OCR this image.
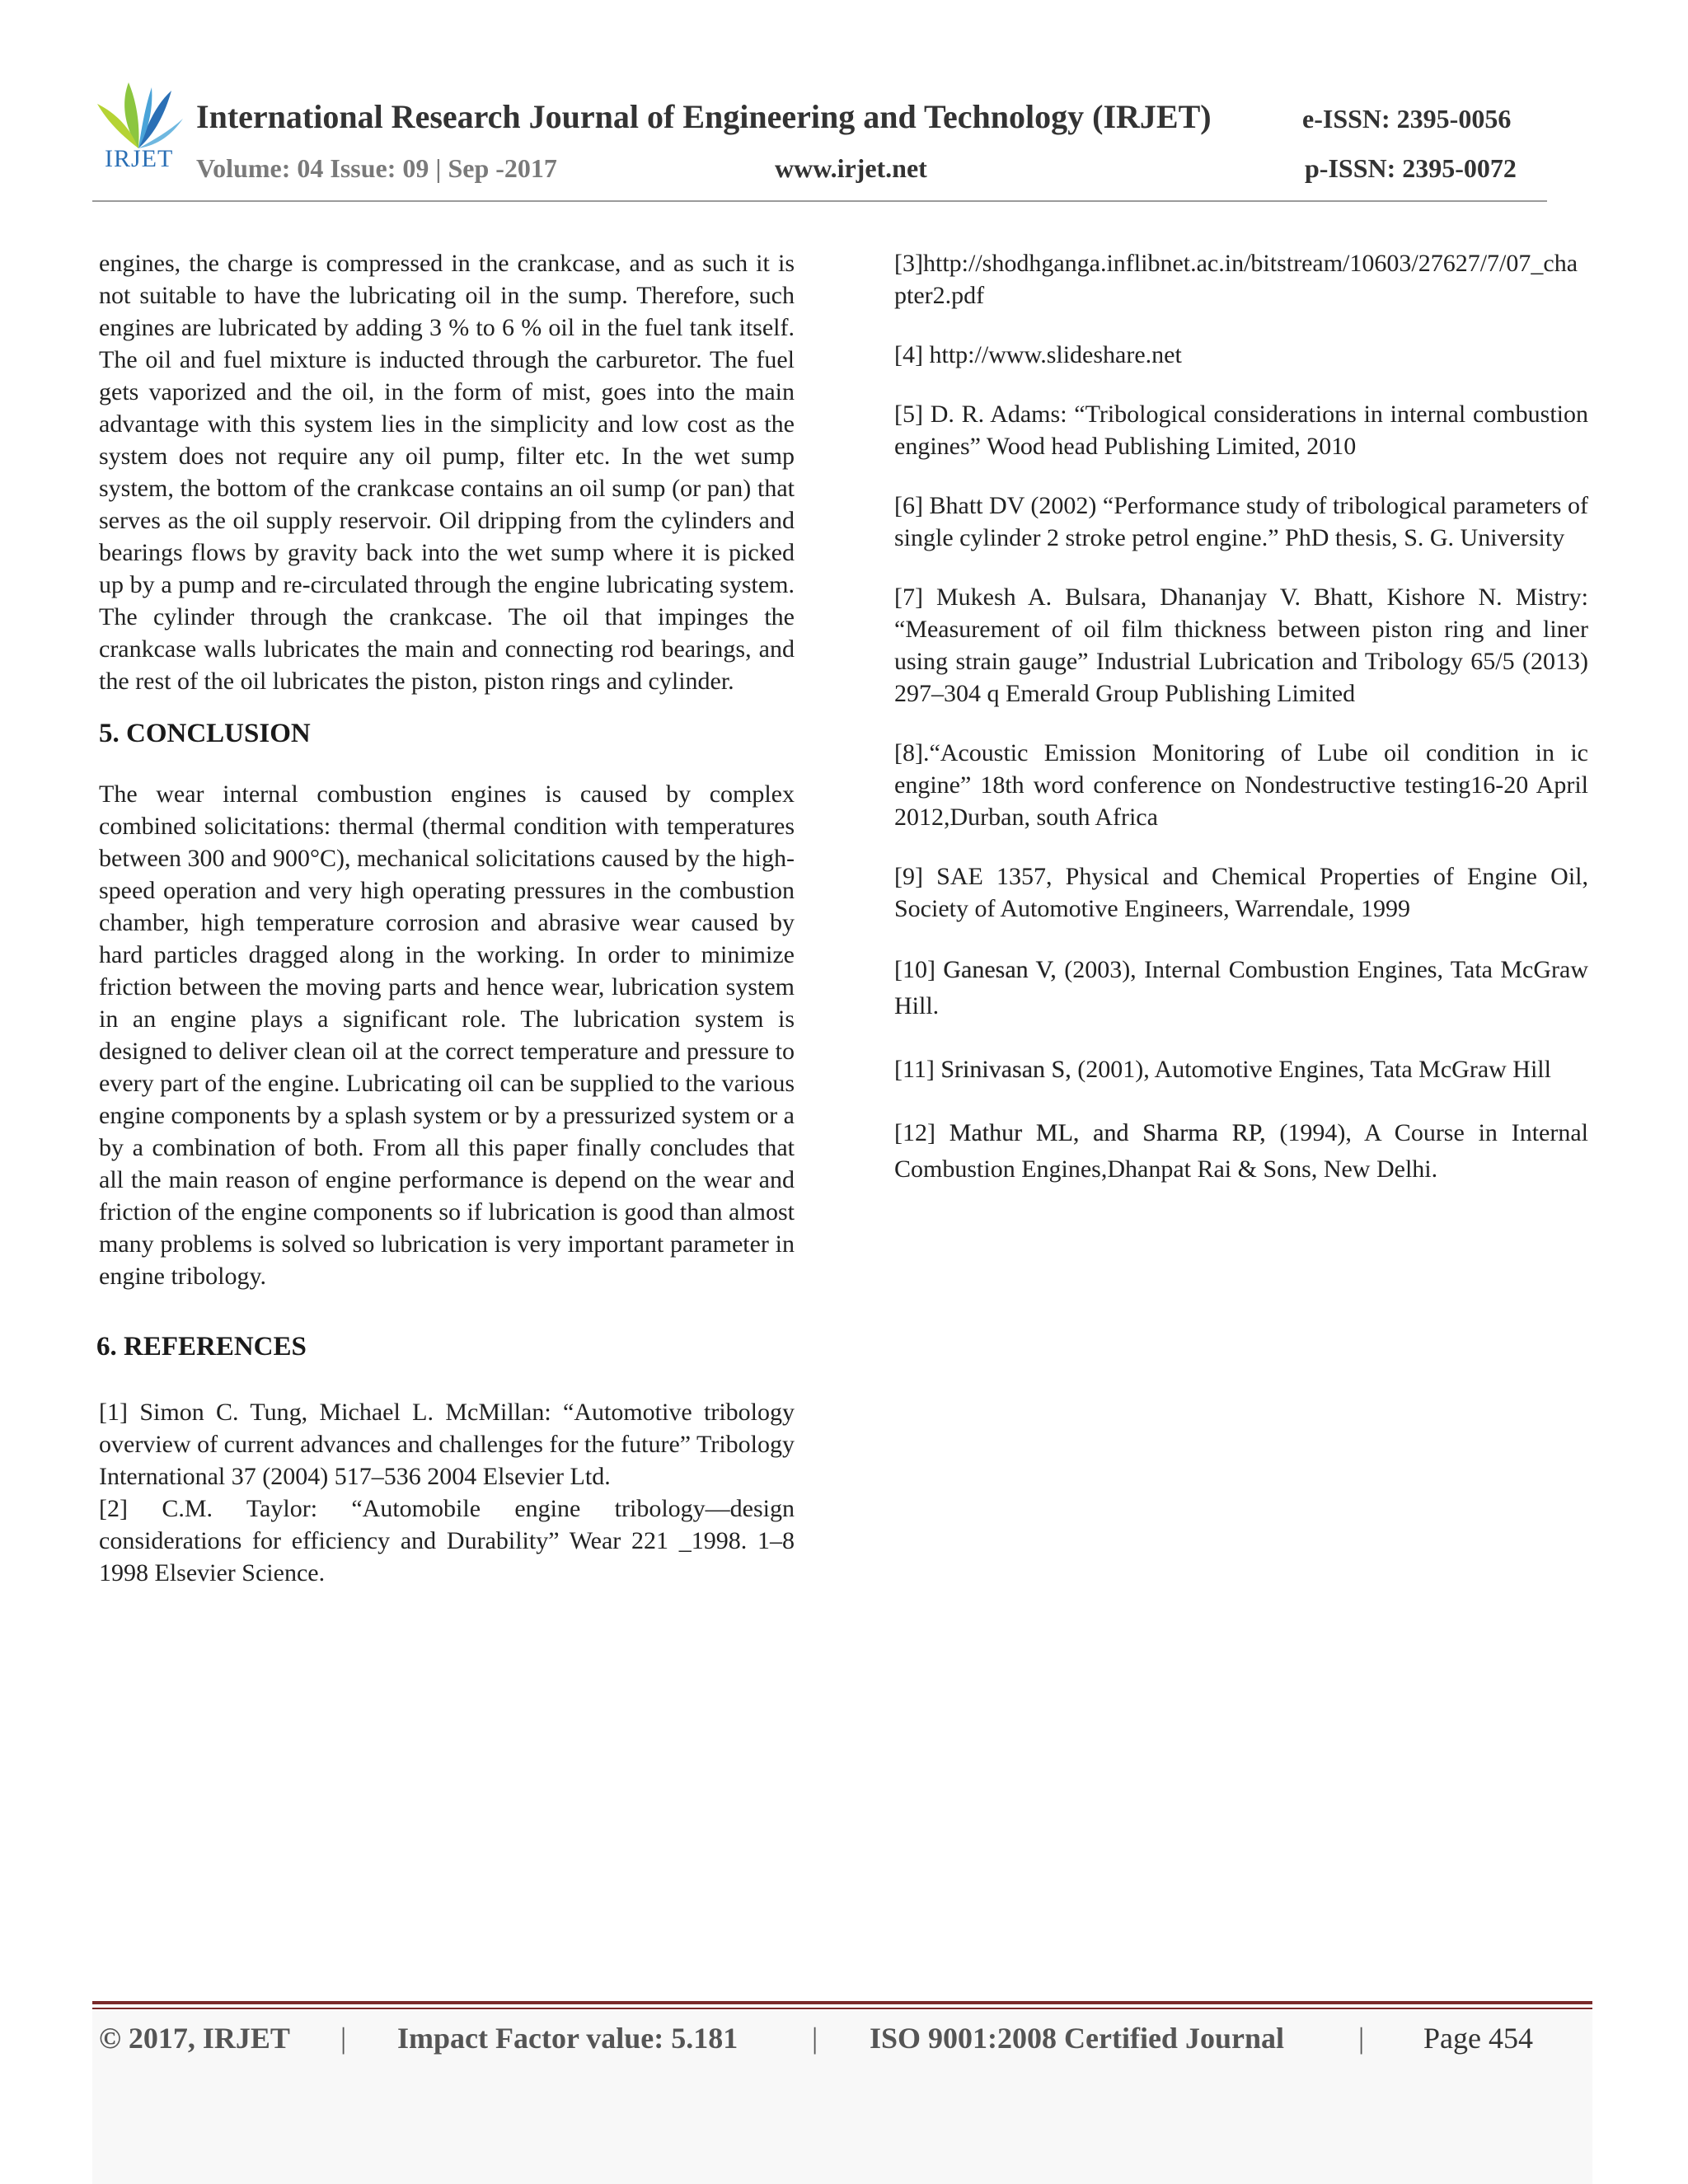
IRJET
International Research Journal of Engineering and Technology (IRJET)	e-ISSN: 2395-0056
Volume: 04 Issue: 09 | Sep -2017	www.irjet.net	p-ISSN: 2395-0072

engines, the charge is compressed in the crankcase, and as such it is not suitable to have the lubricating oil in the sump. Therefore, such engines are lubricated by adding 3 % to 6 % oil in the fuel tank itself. The oil and fuel mixture is inducted through the carburetor. The fuel gets vaporized and the oil, in the form of mist, goes into the main advantage with this system lies in the simplicity and low cost as the system does not require any oil pump, filter etc. In the wet sump system, the bottom of the crankcase contains an oil sump (or pan) that serves as the oil supply reservoir. Oil dripping from the cylinders and bearings flows by gravity back into the wet sump where it is picked up by a pump and re-circulated through the engine lubricating system. The cylinder through the crankcase. The oil that impinges the crankcase walls lubricates the main and connecting rod bearings, and the rest of the oil lubricates the piston, piston rings and cylinder.

5. CONCLUSION

The wear internal combustion engines is caused by complex combined solicitations: thermal (thermal condition with temperatures between 300 and 900°C), mechanical solicitations caused by the high-speed operation and very high operating pressures in the combustion chamber, high temperature corrosion and abrasive wear caused by hard particles dragged along in the working. In order to minimize friction between the moving parts and hence wear, lubrication system in an engine plays a significant role. The lubrication system is designed to deliver clean oil at the correct temperature and pressure to every part of the engine. Lubricating oil can be supplied to the various engine components by a splash system or by a pressurized system or a by a combination of both. From all this paper finally concludes that all the main reason of engine performance is depend on the wear and friction of the engine components so if lubrication is good than almost many problems is solved so lubrication is very important parameter in engine tribology.

6. REFERENCES

[1] Simon C. Tung, Michael L. McMillan: “Automotive tribology overview of current advances and challenges for the future” Tribology International 37 (2004) 517–536 2004 Elsevier Ltd.

[2] C.M. Taylor: “Automobile engine tribology—design considerations for efficiency and Durability” Wear 221 _1998. 1–8 1998 Elsevier Science.

[3]http://shodhganga.inflibnet.ac.in/bitstream/10603/27627/7/07_chapter2.pdf

[4] http://www.slideshare.net

[5] D. R. Adams: “Tribological considerations in internal combustion engines” Wood head Publishing Limited, 2010

[6] Bhatt DV (2002) “Performance study of tribological parameters of single cylinder 2 stroke petrol engine.” PhD thesis, S. G. University

[7] Mukesh A. Bulsara, Dhananjay V. Bhatt, Kishore N. Mistry: “Measurement of oil film thickness between piston ring and liner using strain gauge” Industrial Lubrication and Tribology 65/5 (2013) 297–304 q Emerald Group Publishing Limited

[8].“Acoustic Emission Monitoring of Lube oil condition in ic engine” 18th word conference on Nondestructive testing16-20 April 2012,Durban, south Africa

[9] SAE 1357, Physical and Chemical Properties of Engine Oil, Society of Automotive Engineers, Warrendale, 1999

[10] Ganesan V, (2003), Internal Combustion Engines, Tata McGraw Hill.

[11] Srinivasan S, (2001), Automotive Engines, Tata McGraw Hill

[12] Mathur ML, and Sharma RP, (1994), A Course in Internal Combustion Engines,Dhanpat Rai & Sons, New Delhi.

© 2017, IRJET | Impact Factor value: 5.181 | ISO 9001:2008 Certified Journal	| Page 454
